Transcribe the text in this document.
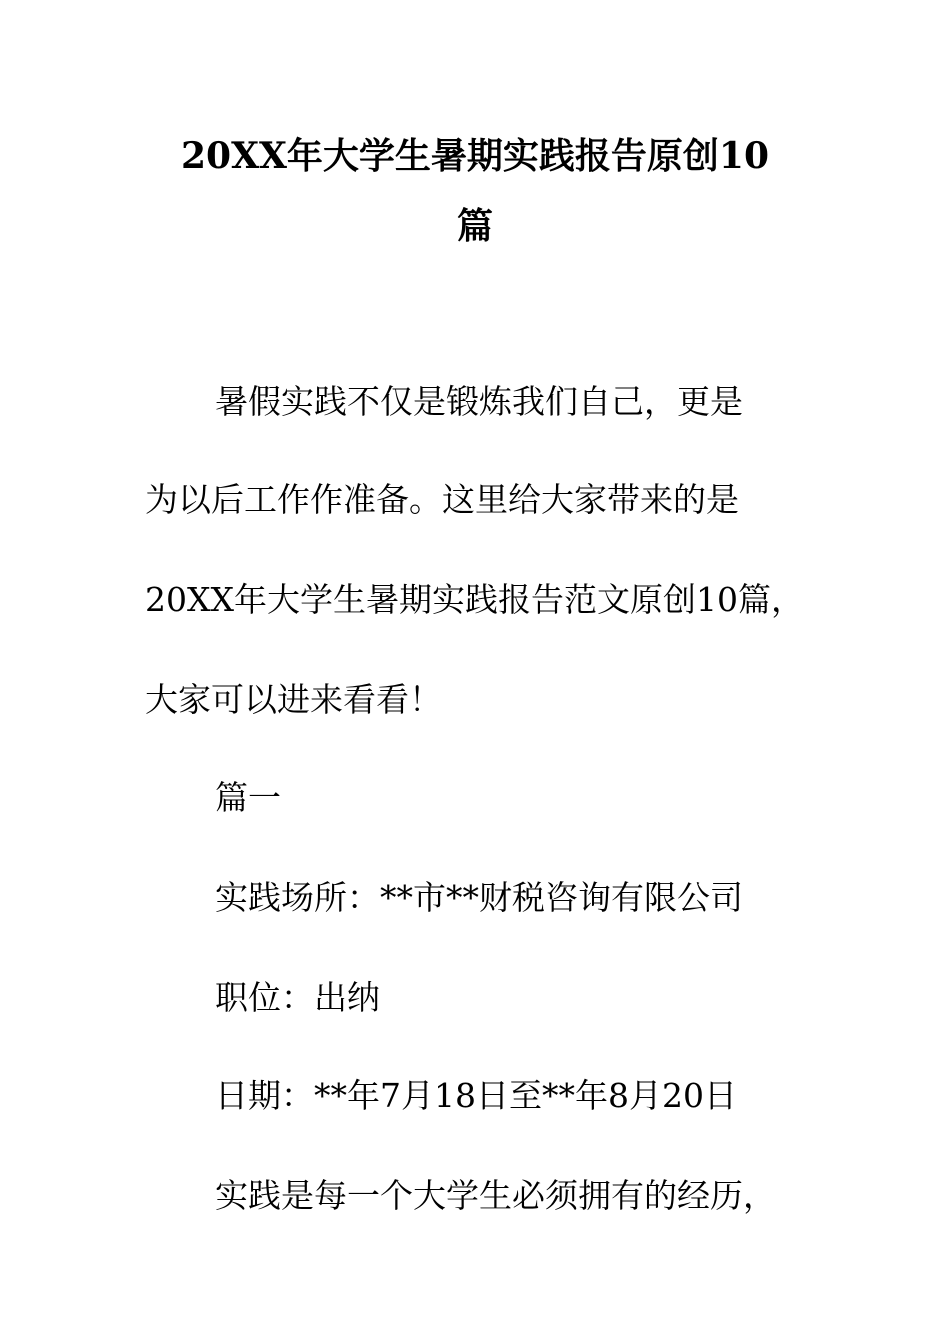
20XX年大学生暑期实践报告原创10
篇
暑假实践不仅是锻炼我们自己，更是
为以后工作作准备。这里给大家带来的是
20XX年大学生暑期实践报告范文原创10篇，
大家可以进来看看！
篇一
实践场所：**市**财税咨询有限公司
职位：出纳
日期：**年7月18日至**年8月20日
实践是每一个大学生必须拥有的经历，
